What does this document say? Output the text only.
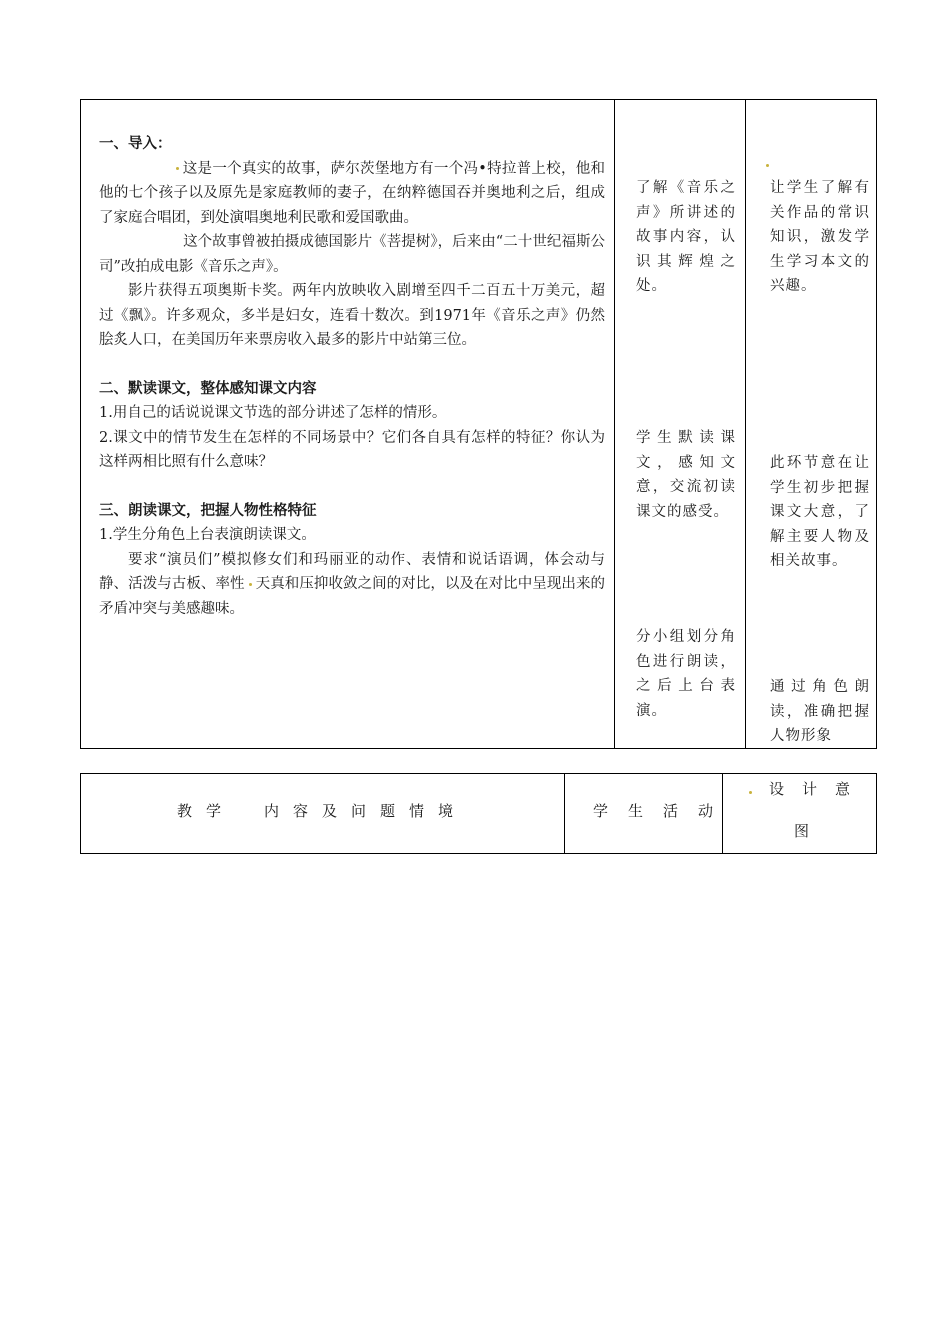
一、导入：

这是一个真实的故事，萨尔茨堡地方有一个冯•特拉普上校，他和他的七个孩子以及原先是家庭教师的妻子，在纳粹德国吞并奥地利之后，组成了家庭合唱团，到处演唱奥地利民歌和爱国歌曲。

这个故事曾被拍摄成德国影片《菩提树》，后来由“二十世纪福斯公司”改拍成电影《音乐之声》。

影片获得五项奥斯卡奖。两年内放映收入剧增至四千二百五十万美元，超过《飘》。许多观众，多半是妇女，连看十数次。到1971年《音乐之声》仍然脍炙人口，在美国历年来票房收入最多的影片中站第三位。

二、默读课文，整体感知课文内容

1.用自己的话说说课文节选的部分讲述了怎样的情形。

2.课文中的情节发生在怎样的不同场景中？它们各自具有怎样的特征？你认为这样两相比照有什么意味？

三、朗读课文，把握人物性格特征

1.学生分角色上台表演朗读课文。

要求“演员们”模拟修女们和玛丽亚的动作、表情和说话语调，体会动与静、活泼与古板、率性 天真和压抑收敛之间的对比，以及在对比中呈现出来的矛盾冲突与美感趣味。

了解《音乐之声》所讲述的故事内容，认识其辉煌之处。

学生默读课文，感知文意，交流初读课文的感受。

分小组划分角色进行朗读，之后上台表演。

让学生了解有关作品的常识知识，激发学生学习本文的兴趣。

此环节意在让学生初步把握课文大意，了解主要人物及相关故事。

通过角色朗读，准确把握人物形象

教学　内容及问题情境	学生活动
设计意
图
